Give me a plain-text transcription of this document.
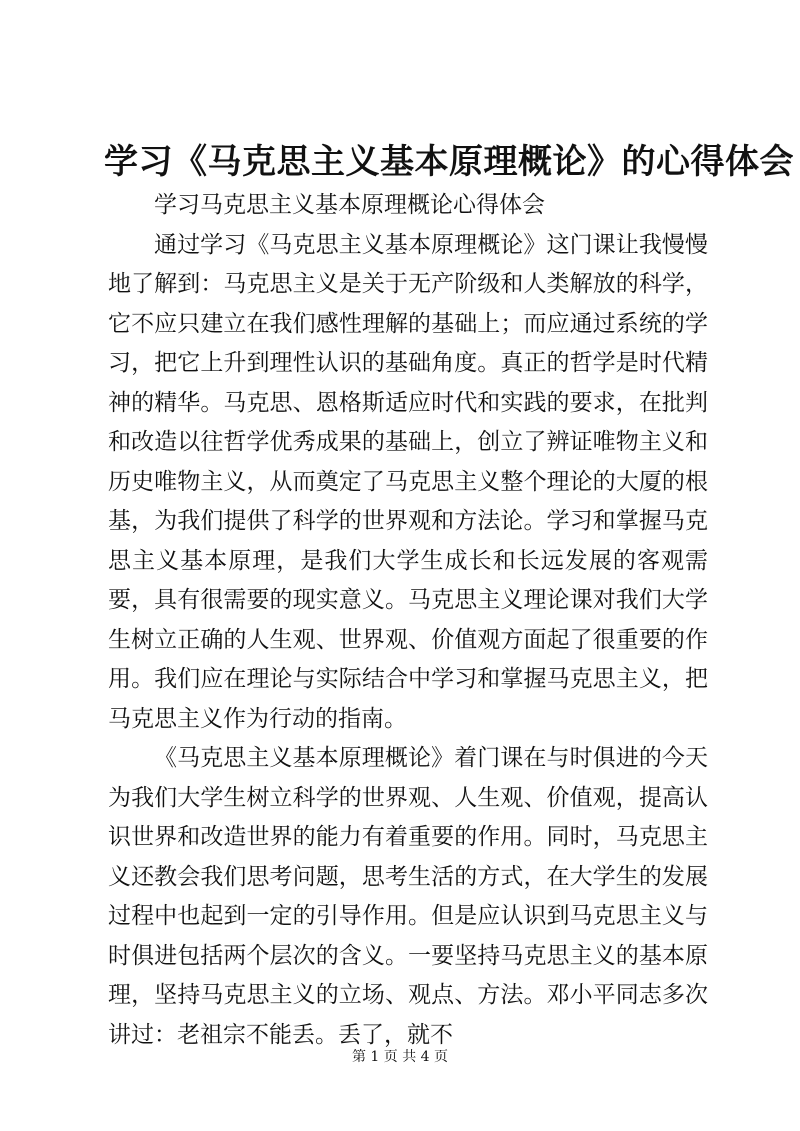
学习《马克思主义基本原理概论》的心得体会

学习马克思主义基本原理概论心得体会

通过学习《马克思主义基本原理概论》这门课让我慢慢地了解到：马克思主义是关于无产阶级和人类解放的科学，它不应只建立在我们感性理解的基础上；而应通过系统的学习，把它上升到理性认识的基础角度。真正的哲学是时代精神的精华。马克思、恩格斯适应时代和实践的要求，在批判和改造以往哲学优秀成果的基础上，创立了辨证唯物主义和历史唯物主义，从而奠定了马克思主义整个理论的大厦的根基，为我们提供了科学的世界观和方法论。学习和掌握马克思主义基本原理，是我们大学生成长和长远发展的客观需要，具有很需要的现实意义。马克思主义理论课对我们大学生树立正确的人生观、世界观、价值观方面起了很重要的作用。我们应在理论与实际结合中学习和掌握马克思主义，把马克思主义作为行动的指南。

《马克思主义基本原理概论》着门课在与时俱进的今天为我们大学生树立科学的世界观、人生观、价值观，提高认识世界和改造世界的能力有着重要的作用。同时，马克思主义还教会我们思考问题，思考生活的方式，在大学生的发展过程中也起到一定的引导作用。但是应认识到马克思主义与时俱进包括两个层次的含义。一要坚持马克思主义的基本原理，坚持马克思主义的立场、观点、方法。邓小平同志多次讲过：老祖宗不能丢。丢了，就不

第 1 页 共 4 页
